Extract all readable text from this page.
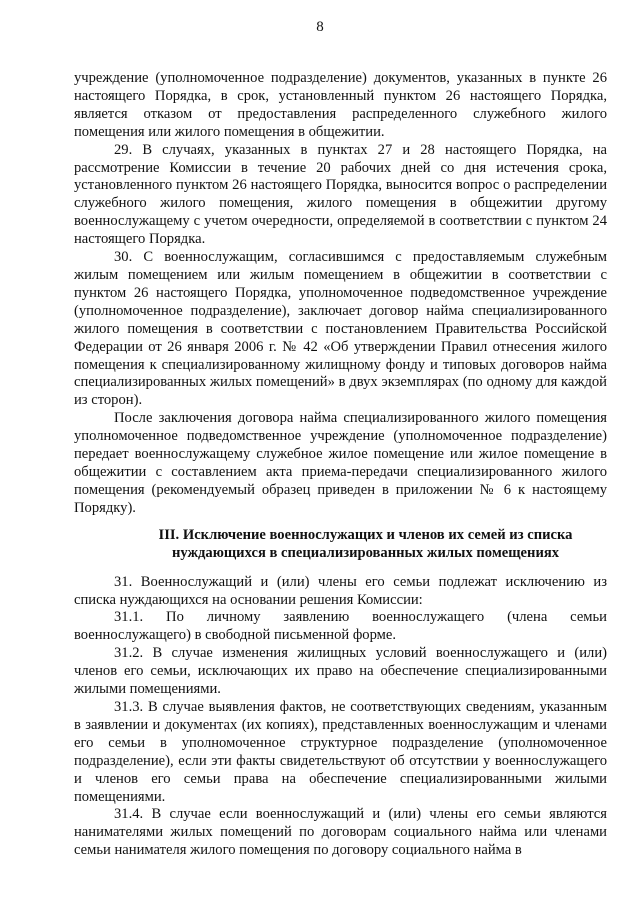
8

учреждение (уполномоченное подразделение) документов, указанных в пункте 26 настоящего Порядка, в срок, установленный пунктом 26 настоящего Порядка, является отказом от предоставления распределенного служебного жилого помещения или жилого помещения в общежитии.

29. В случаях, указанных в пунктах 27 и 28 настоящего Порядка, на рассмотрение Комиссии в течение 20 рабочих дней со дня истечения срока, установленного пунктом 26 настоящего Порядка, выносится вопрос о распределении служебного жилого помещения, жилого помещения в общежитии другому военнослужащему с учетом очередности, определяемой в соответствии с пунктом 24 настоящего Порядка.

30. С военнослужащим, согласившимся с предоставляемым служебным жилым помещением или жилым помещением в общежитии в соответствии с пунктом 26 настоящего Порядка, уполномоченное подведомственное учреждение (уполномоченное подразделение), заключает договор найма специализированного жилого помещения в соответствии с постановлением Правительства Российской Федерации от 26 января 2006 г. № 42 «Об утверждении Правил отнесения жилого помещения к специализированному жилищному фонду и типовых договоров найма специализированных жилых помещений» в двух экземплярах (по одному для каждой из сторон).

После заключения договора найма специализированного жилого помещения уполномоченное подведомственное учреждение (уполномоченное подразделение) передает военнослужащему служебное жилое помещение или жилое помещение в общежитии с составлением акта приема-передачи специализированного жилого помещения (рекомендуемый образец приведен в приложении № 6 к настоящему Порядку).

III. Исключение военнослужащих и членов их семей из списка
нуждающихся в специализированных жилых помещениях

31. Военнослужащий и (или) члены его семьи подлежат исключению из списка нуждающихся на основании решения Комиссии:

31.1. По личному заявлению военнослужащего (члена семьи военнослужащего) в свободной письменной форме.

31.2. В случае изменения жилищных условий военнослужащего и (или) членов его семьи, исключающих их право на обеспечение специализированными жилыми помещениями.

31.3. В случае выявления фактов, не соответствующих сведениям, указанным в заявлении и документах (их копиях), представленных военнослужащим и членами его семьи в уполномоченное структурное подразделение (уполномоченное подразделение), если эти факты свидетельствуют об отсутствии у военнослужащего и членов его семьи права на обеспечение специализированными жилыми помещениями.

31.4. В случае если военнослужащий и (или) члены его семьи являются нанимателями жилых помещений по договорам социального найма или членами семьи нанимателя жилого помещения по договору социального найма в
